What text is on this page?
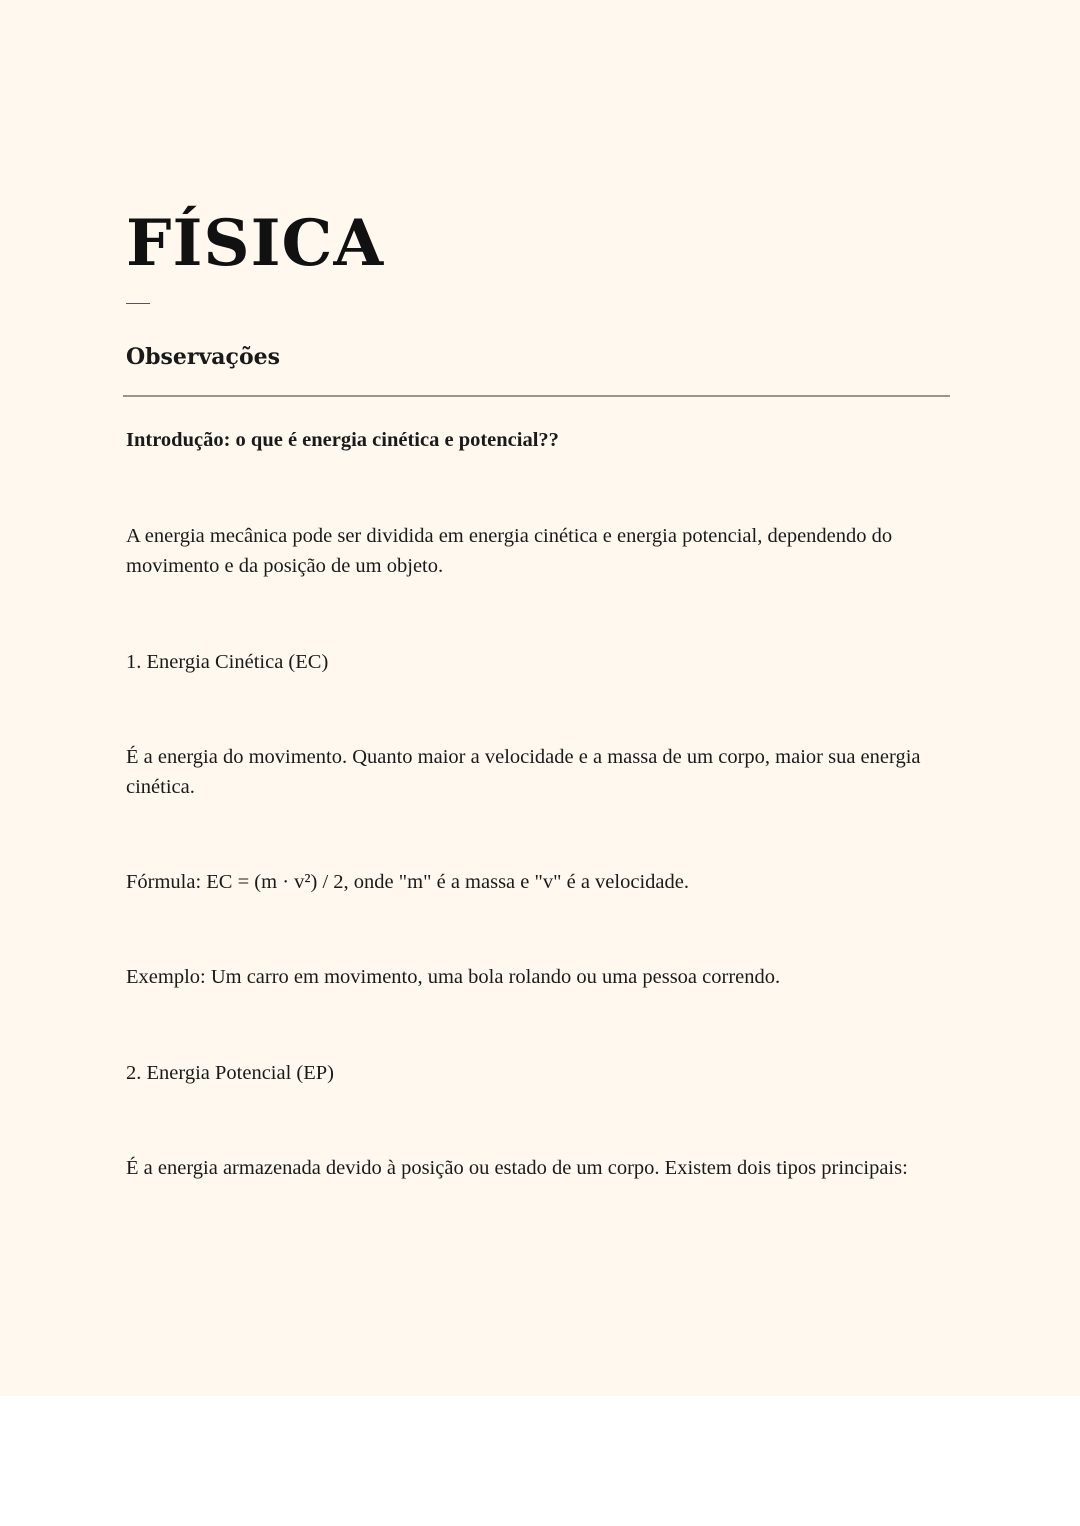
FÍSICA
Observações

Introdução: o que é energia cinética e potencial??

A energia mecânica pode ser dividida em energia cinética e energia potencial, dependendo do movimento e da posição de um objeto.

1. Energia Cinética (EC)

É a energia do movimento. Quanto maior a velocidade e a massa de um corpo, maior sua energia cinética.

Fórmula: EC = (m · v²) / 2, onde "m" é a massa e "v" é a velocidade.

Exemplo: Um carro em movimento, uma bola rolando ou uma pessoa correndo.

2. Energia Potencial (EP)

É a energia armazenada devido à posição ou estado de um corpo. Existem dois tipos principais:
